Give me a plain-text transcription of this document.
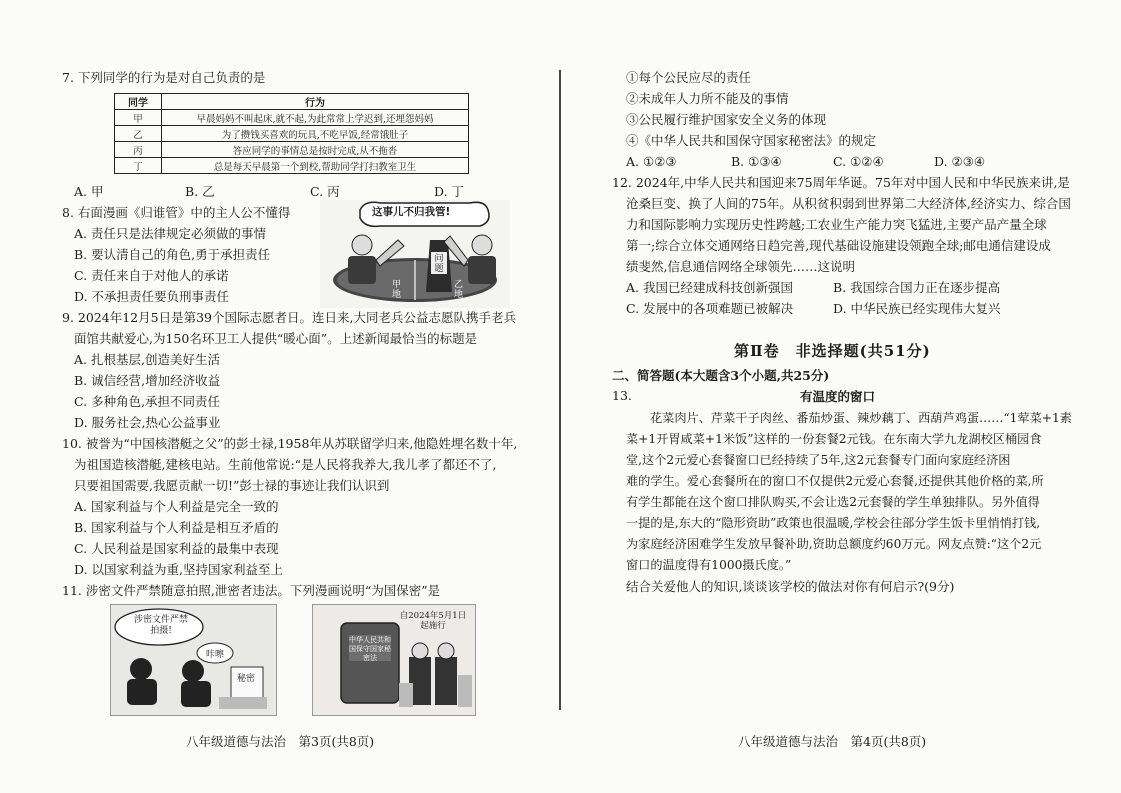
7. 下列同学的行为是对自己负责的是
同学	行为
甲	早晨妈妈不叫起床,就不起,为此常常上学迟到,还埋怨妈妈
乙	为了攒钱买喜欢的玩具,不吃早饭,经常饿肚子
丙	答应同学的事情总是按时完成,从不拖沓
丁	总是每天早晨第一个到校,帮助同学打扫教室卫生
A. 甲	B. 乙	C. 丙	D. 丁
8. 右面漫画《归谁管》中的主人公不懂得
A. 责任只是法律规定必须做的事情
B. 要认清自己的角色,勇于承担责任
C. 责任来自于对他人的承诺
D. 不承担责任要负刑事责任
这事儿不归我管!
问题
甲地
乙地
9. 2024年12月5日是第39个国际志愿者日。连日来,大同老兵公益志愿队携手老兵
面馆共献爱心,为150名环卫工人提供“暖心面”。上述新闻最恰当的标题是
A. 扎根基层,创造美好生活
B. 诚信经营,增加经济收益
C. 多种角色,承担不同责任
D. 服务社会,热心公益事业
10. 被誉为“中国核潜艇之父”的彭士禄,1958年从苏联留学归来,他隐姓埋名数十年,
为祖国造核潜艇,建核电站。生前他常说:“是人民将我养大,我儿孝了都还不了,
只要祖国需要,我愿贡献一切!”彭士禄的事迹让我们认识到
A. 国家利益与个人利益是完全一致的
B. 国家利益与个人利益是相互矛盾的
C. 人民利益是国家利益的最集中表现
D. 以国家利益为重,坚持国家利益至上
11. 涉密文件严禁随意拍照,泄密者违法。下列漫画说明“为国保密”是
涉密文件严禁拍摄!
咔嚓
秘密
自2024年5月1日起施行
中华人民共和国保守国家秘密法
八年级道德与法治　第3页(共8页)
①每个公民应尽的责任
②未成年人力所不能及的事情
③公民履行维护国家安全义务的体现
④《中华人民共和国保守国家秘密法》的规定
A. ①②③	B. ①③④	C. ①②④	D. ②③④
12. 2024年,中华人民共和国迎来75周年华诞。75年对中国人民和中华民族来讲,是
沧桑巨变、换了人间的75年。从积贫积弱到世界第二大经济体,经济实力、综合国
力和国际影响力实现历史性跨越;工农业生产能力突飞猛进,主要产品产量全球
第一;综合立体交通网络日趋完善,现代基础设施建设领跑全球;邮电通信建设成
绩斐然,信息通信网络全球领先……这说明
A. 我国已经建成科技创新强国	B. 我国综合国力正在逐步提高
C. 发展中的各项难题已被解决	D. 中华民族已经实现伟大复兴
第Ⅱ卷　非选择题(共51分)
二、简答题(本大题含3个小题,共25分)
13.	有温度的窗口
花菜肉片、芹菜干子肉丝、番茄炒蛋、辣炒藕丁、西葫芦鸡蛋……“1荤菜+1素
菜+1开胃咸菜+1米饭”这样的一份套餐2元钱。在东南大学九龙湖校区桶园食
堂,这个2元爱心套餐窗口已经持续了5年,这2元套餐专门面向家庭经济困
难的学生。爱心套餐所在的窗口不仅提供2元爱心套餐,还提供其他价格的菜,所
有学生都能在这个窗口排队购买,不会让选2元套餐的学生单独排队。另外值得
一提的是,东大的“隐形资助”政策也很温暖,学校会往部分学生饭卡里悄悄打钱,
为家庭经济困难学生发放早餐补助,资助总额度约60万元。网友点赞:“这个2元
窗口的温度得有1000摄氏度。”
结合关爱他人的知识,谈谈该学校的做法对你有何启示?(9分)
八年级道德与法治　第4页(共8页)
